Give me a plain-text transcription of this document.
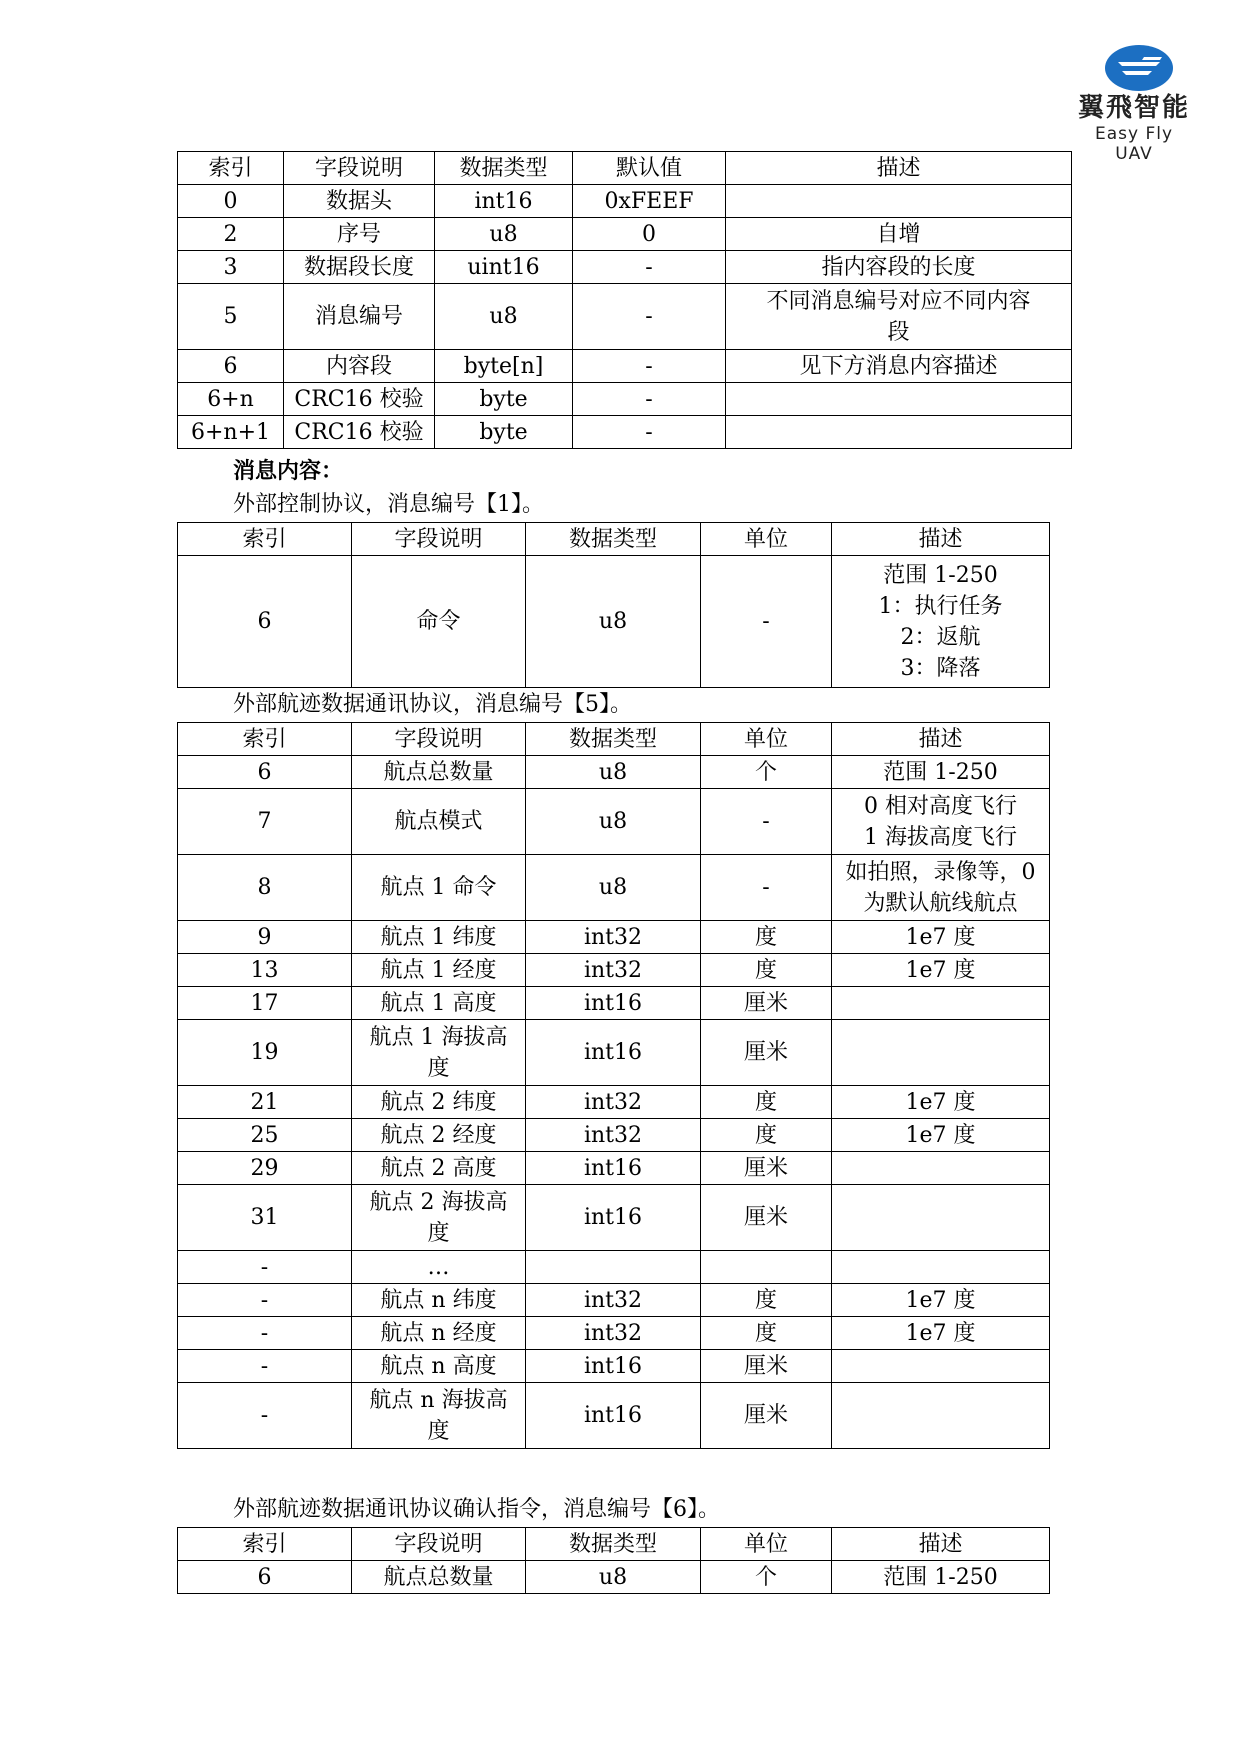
翼飛智能
Easy Fly UAV
索引	字段说明	数据类型	默认值	描述
0	数据头	int16	0xFEEF	
2	序号	u8	0	自增
3	数据段长度	uint16	-	指内容段的长度
5	消息编号	u8	-	不同消息编号对应不同内容
段
6	内容段	byte[n]	-	见下方消息内容描述
6+n	CRC16 校验	byte	-	
6+n+1	CRC16 校验	byte	-	
消息内容：
外部控制协议，消息编号【1】。
索引	字段说明	数据类型	单位	描述
6	命令	u8	-	范围 1-250
1：执行任务
2：返航
3：降落
外部航迹数据通讯协议，消息编号【5】。
索引	字段说明	数据类型	单位	描述
6	航点总数量	u8	个	范围 1-250
7	航点模式	u8	-	0 相对高度飞行
1 海拔高度飞行
8	航点 1 命令	u8	-	如拍照，录像等，0
为默认航线航点
9	航点 1 纬度	int32	度	1e7 度
13	航点 1 经度	int32	度	1e7 度
17	航点 1 高度	int16	厘米	
19	航点 1 海拔高
度	int16	厘米	
21	航点 2 纬度	int32	度	1e7 度
25	航点 2 经度	int32	度	1e7 度
29	航点 2 高度	int16	厘米	
31	航点 2 海拔高
度	int16	厘米	
-	…			
-	航点 n 纬度	int32	度	1e7 度
-	航点 n 经度	int32	度	1e7 度
-	航点 n 高度	int16	厘米	
-	航点 n 海拔高
度	int16	厘米	
外部航迹数据通讯协议确认指令，消息编号【6】。
索引	字段说明	数据类型	单位	描述
6	航点总数量	u8	个	范围 1-250
